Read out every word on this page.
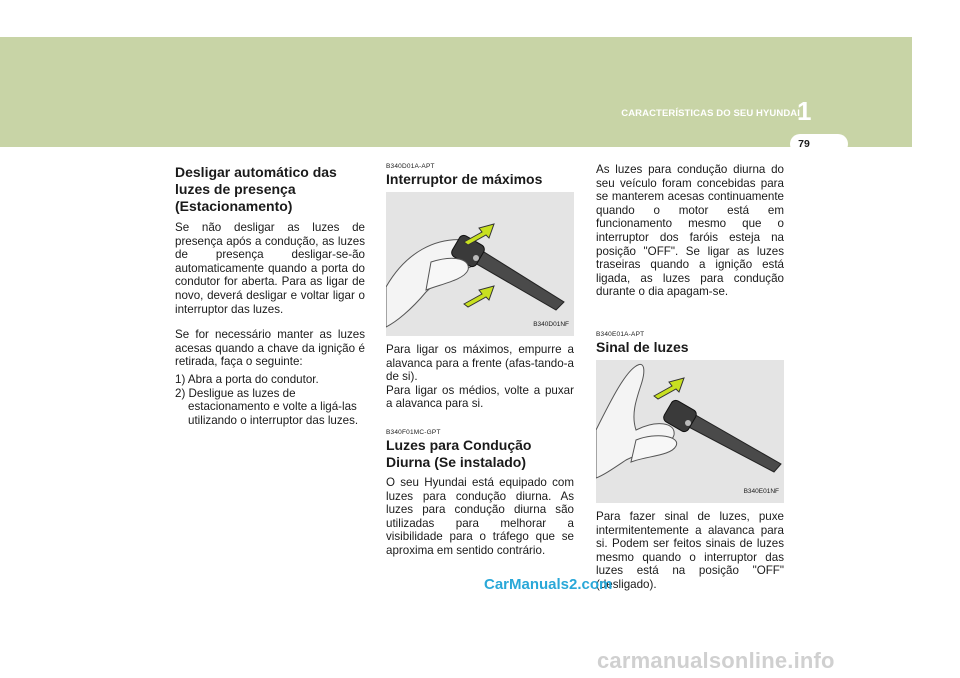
CARACTERÍSTICAS DO SEU HYUNDAI
1
79
Desligar automático das luzes de presença (Estacionamento)

Se não desligar as luzes de presença após a condução, as luzes de presença desligar-se-ão automaticamente quando a porta do condutor for aberta. Para as ligar de novo, deverá desligar e voltar ligar o interruptor das luzes.

Se for necessário manter as luzes acesas quando a chave da ignição é retirada, faça o seguinte:

1) Abra a porta do condutor.
2) Desligue as luzes de estacionamento e volte a ligá-las utilizando o interruptor das luzes.
B340D01A-APT
Interruptor de máximos
B340D01NF

Para ligar os máximos, empurre a alavanca para a frente (afas-tando-a de si).
Para ligar os médios, volte a puxar a alavanca para si.

B340F01MC-GPT
Luzes para Condução Diurna (Se instalado)

O seu Hyundai está equipado com luzes para condução diurna. As luzes para condução diurna são utilizadas para melhorar a visibilidade para o tráfego que se aproxima em sentido contrário.

As luzes para condução diurna do seu veículo foram concebidas para se manterem acesas continuamente quando o motor está em funcionamento mesmo que o interruptor dos faróis esteja na posição "OFF". Se ligar as luzes traseiras quando a ignição está ligada, as luzes para condução durante o dia apagam-se.

B340E01A-APT
Sinal de luzes
B340E01NF

Para fazer sinal de luzes, puxe intermitentemente a alavanca para si. Podem ser feitos sinais de luzes mesmo quando o interruptor das luzes está na posição "OFF" (desligado).

CarManuals2.com
carmanualsonline.info
